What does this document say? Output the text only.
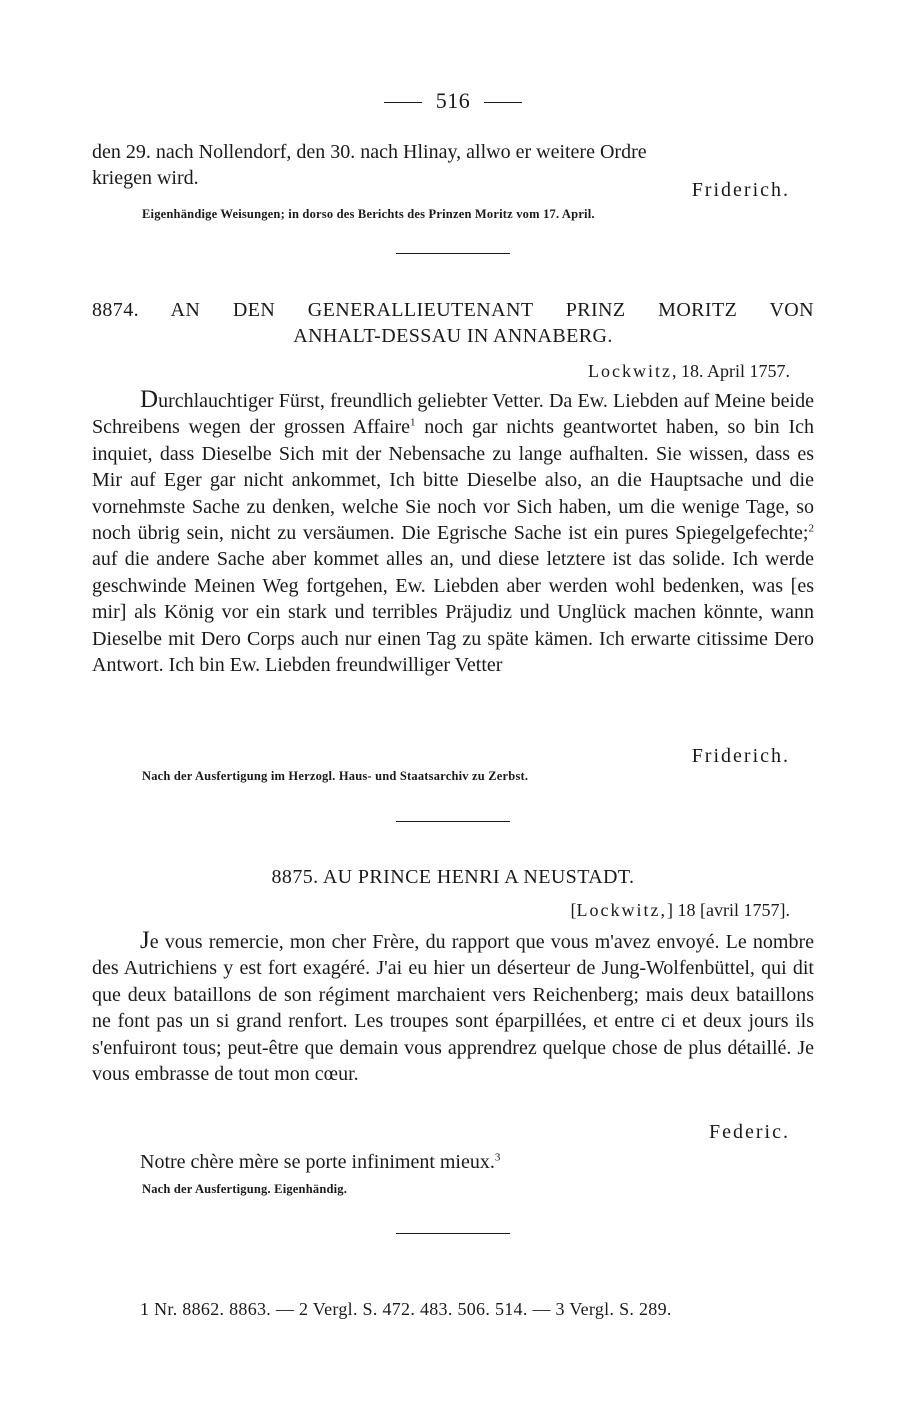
516
den 29. nach Nollendorf, den 30. nach Hlinay, allwo er weitere Ordre
kriegen wird.
Friderich.
Eigenhändige Weisungen; in dorso des Berichts des Prinzen Moritz vom 17. April.
8874. AN DEN GENERALLIEUTENANT PRINZ MORITZ VON
ANHALT-DESSAU IN ANNABERG.
Lockwitz, 18. April 1757.
Durchlauchtiger Fürst, freundlich geliebter Vetter. Da Ew. Liebden auf Meine beide Schreibens wegen der grossen Affaire$^1$ noch gar nichts geantwortet haben, so bin Ich inquiet, dass Dieselbe Sich mit der Nebensache zu lange aufhalten. Sie wissen, dass es Mir auf Eger gar nicht ankommet, Ich bitte Dieselbe also, an die Hauptsache und die vornehmste Sache zu denken, welche Sie noch vor Sich haben, um die wenige Tage, so noch übrig sein, nicht zu versäumen. Die Egrische Sache ist ein pures Spiegelgefechte;$^2$ auf die andere Sache aber kommet alles an, und diese letztere ist das solide. Ich werde geschwinde Meinen Weg fortgehen, Ew. Liebden aber werden wohl bedenken, was [es mir] als König vor ein stark und terribles Präjudiz und Unglück machen könnte, wann Dieselbe mit Dero Corps auch nur einen Tag zu späte kämen. Ich erwarte citissime Dero Antwort. Ich bin Ew. Liebden freundwilliger Vetter
Friderich.
Nach der Ausfertigung im Herzogl. Haus- und Staatsarchiv zu Zerbst.
8875. AU PRINCE HENRI A NEUSTADT.
[Lockwitz,] 18 [avril 1757].
Je vous remercie, mon cher Frère, du rapport que vous m'avez envoyé. Le nombre des Autrichiens y est fort exagéré. J'ai eu hier un déserteur de Jung-Wolfenbüttel, qui dit que deux bataillons de son régiment marchaient vers Reichenberg; mais deux bataillons ne font pas un si grand renfort. Les troupes sont éparpillées, et entre ci et deux jours ils s'enfuiront tous; peut-être que demain vous apprendrez quelque chose de plus détaillé. Je vous embrasse de tout mon cœur.
Federic.
Notre chère mère se porte infiniment mieux.$^3$
Nach der Ausfertigung. Eigenhändig.
1 Nr. 8862. 8863. — 2 Vergl. S. 472. 483. 506. 514. — 3 Vergl. S. 289.
